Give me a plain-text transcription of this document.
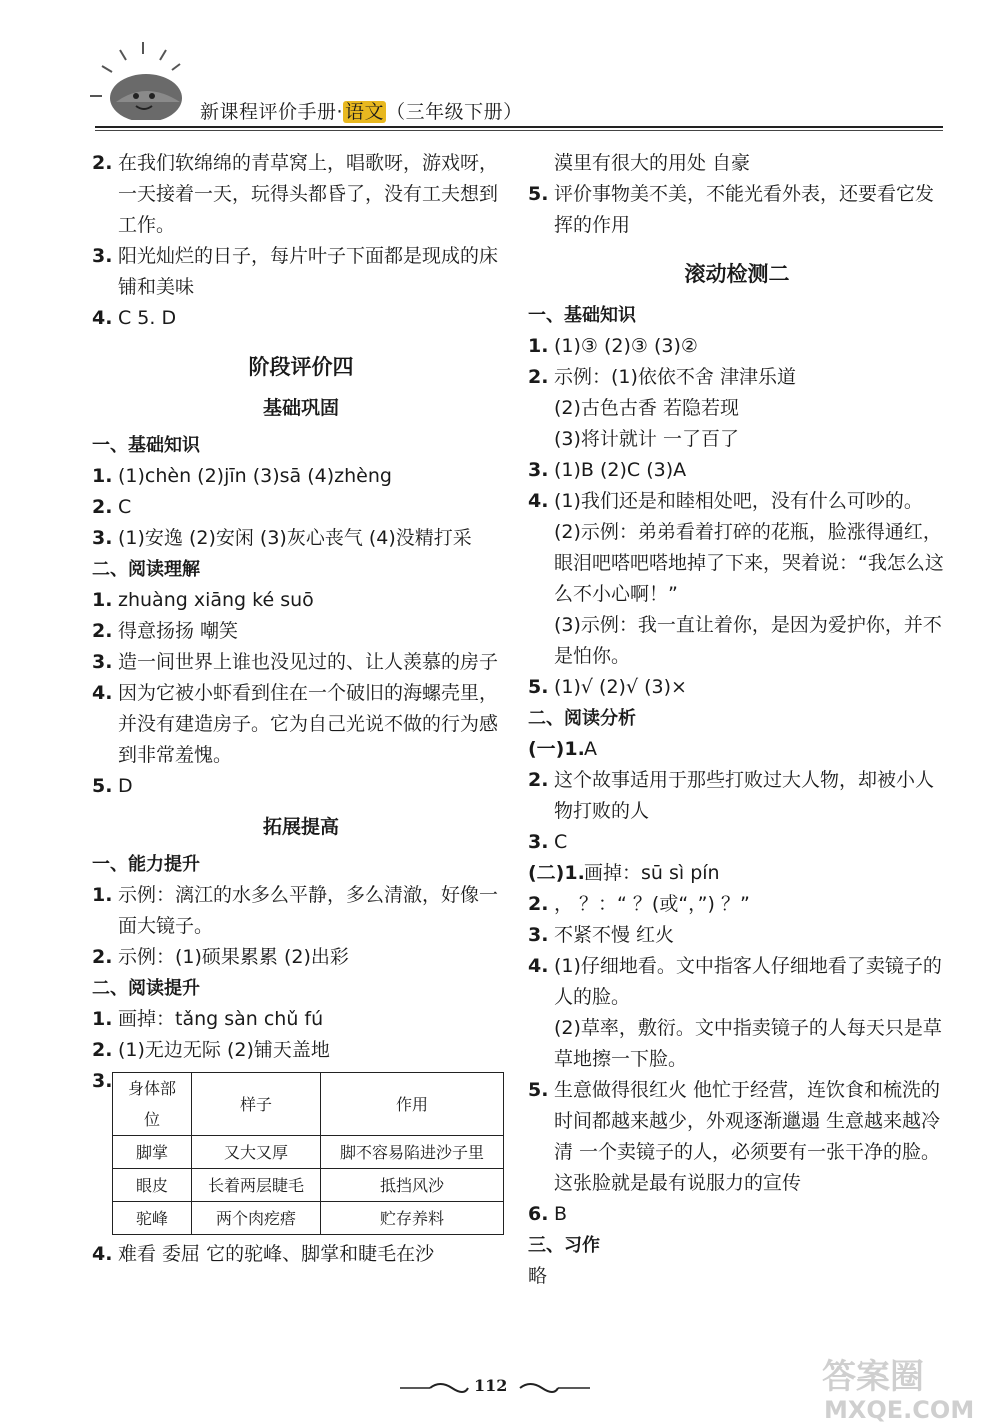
新课程评价手册· 语文 （三年级下册）
2. 在我们软绵绵的青草窝上，唱歌呀，游戏呀，一天接着一天，玩得头都昏了，没有工夫想到工作。
3. 阳光灿烂的日子，每片叶子下面都是现成的床铺和美味
4. C 5. D
阶段评价四
基础巩固
一、基础知识
1. (1)chèn (2)jīn (3)sā (4)zhèng
2. C
3. (1)安逸 (2)安闲 (3)灰心丧气 (4)没精打采
二、阅读理解
1. zhuàng xiāng ké suō
2. 得意扬扬 嘲笑
3. 造一间世界上谁也没见过的、让人羡慕的房子
4. 因为它被小虾看到住在一个破旧的海螺壳里，并没有建造房子。它为自己光说不做的行为感到非常羞愧。
5. D
拓展提高
一、能力提升
1. 示例：漓江的水多么平静，多么清澈，好像一面大镜子。
2. 示例：(1)硕果累累 (2)出彩
二、阅读提升
1. 画掉：tǎng sàn chǔ fú
2. (1)无边无际 (2)铺天盖地
3. 身体部位	样子	作用
脚掌	又大又厚	脚不容易陷进沙子里
眼皮	长着两层睫毛	抵挡风沙
驼峰	两个肉疙瘩	贮存养料
4. 难看 委屈 它的驼峰、脚掌和睫毛在沙
漠里有很大的用处 自豪
5. 评价事物美不美，不能光看外表，还要看它发挥的作用
滚动检测二
一、基础知识
1. (1)③ (2)③ (3)②
2. 示例：(1)依依不舍 津津乐道
(2)古色古香 若隐若现
(3)将计就计 一了百了
3. (1)B (2)C (3)A
4. (1)我们还是和睦相处吧，没有什么可吵的。
(2)示例：弟弟看着打碎的花瓶，脸涨得通红，眼泪吧嗒吧嗒地掉了下来，哭着说：“我怎么这么不小心啊！”
(3)示例：我一直让着你，是因为爱护你，并不是怕你。
5. (1)√ (2)√ (3)×
二、阅读分析
(一)1. A
2. 这个故事适用于那些打败过大人物，却被小人物打败的人
3. C
(二)1. 画掉：sū sì pín
2. ， ？：“ ？(或“，”) ？”
3. 不紧不慢 红火
4. (1)仔细地看。文中指客人仔细地看了卖镜子的人的脸。
(2)草率，敷衍。文中指卖镜子的人每天只是草草地擦一下脸。
5. 生意做得很红火 他忙于经营，连饮食和梳洗的时间都越来越少，外观逐渐邋遢 生意越来越冷清 一个卖镜子的人，必须要有一张干净的脸。这张脸就是最有说服力的宣传
6. B
三、习作
略
112	答案圈
MXQE.COM
